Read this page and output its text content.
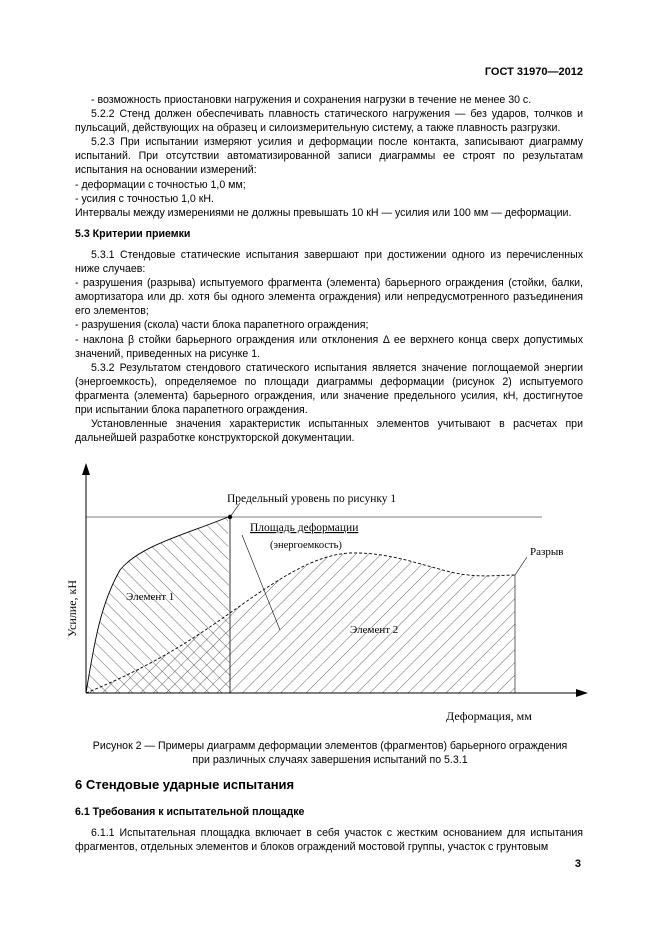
ГОСТ 31970—2012

- возможность приостановки нагружения и сохранения нагрузки в течение не менее 30 с.

5.2.2 Стенд должен обеспечивать плавность статического нагружения — без ударов, толчков и пульсаций, действующих на образец и силоизмерительную систему, а также плавность разгрузки.

5.2.3 При испытании измеряют усилия и деформации после контакта, записывают диаграмму испытаний. При отсутствии автоматизированной записи диаграммы ее строят по результатам испытания на основании измерений:

- деформации с точностью 1,0 мм;

- усилия с точностью 1,0 кН.

Интервалы между измерениями не должны превышать 10 кН — усилия или 100 мм — деформации.

5.3 Критерии приемки

5.3.1 Стендовые статические испытания завершают при достижении одного из перечисленных ниже случаев:

- разрушения (разрыва) испытуемого фрагмента (элемента) барьерного ограждения (стойки, балки, амортизатора или др. хотя бы одного элемента ограждения) или непредусмотренного разъединения его элементов;

- разрушения (скола) части блока парапетного ограждения;

- наклона β стойки барьерного ограждения или отклонения Δ ее верхнего конца сверх допустимых значений, приведенных на рисунке 1.

5.3.2 Результатом стендового статического испытания является значение поглощаемой энергии (энергоемкость), определяемое по площади диаграммы деформации (рисунок 2) испытуемого фрагмента (элемента) барьерного ограждения, или значение предельного усилия, кН, достигнутое при испытании блока парапетного ограждения.

Установленные значения характеристик испытанных элементов учитывают в расчетах при дальнейшей разработке конструкторской документации.

Предельный уровень по рисунку 1
Площадь деформации
(энергоемкость)
Разрыв
Элемент 1
Элемент 2
Деформация, мм
Усилие, кН
Рисунок 2 — Примеры диаграмм деформации элементов (фрагментов) барьерного ограждения
при различных случаях завершения испытаний по 5.3.1
6 Стендовые ударные испытания
6.1 Требования к испытательной площадке

6.1.1 Испытательная площадка включает в себя участок с жестким основанием для испытания фрагментов, отдельных элементов и блоков ограждений мостовой группы, участок с грунтовым

3
